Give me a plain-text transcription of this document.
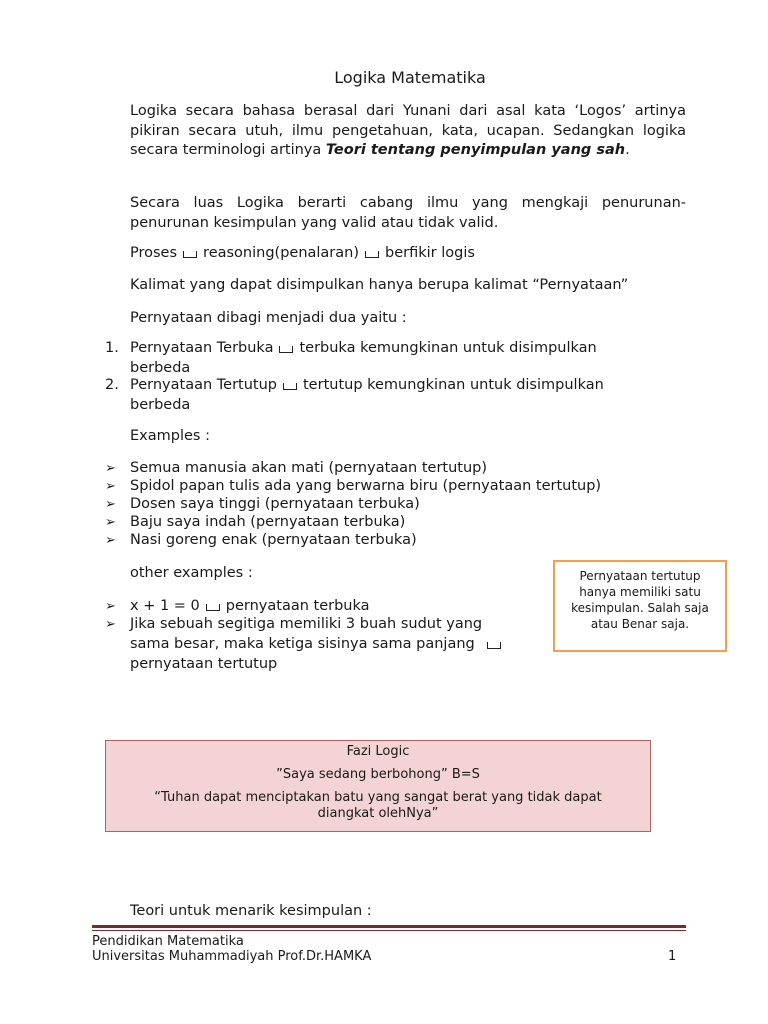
Logika Matematika
Logika secara bahasa berasal dari Yunani dari asal kata ‘Logos’ artinya pikiran secara utuh, ilmu pengetahuan, kata, ucapan. Sedangkan logika secara terminologi artinya Teori tentang penyimpulan yang sah.
Secara luas Logika berarti cabang ilmu yang mengkaji penurunan-penurunan kesimpulan yang valid atau tidak valid.
Proses reasoning(penalaran) berfikir logis
Kalimat yang dapat disimpulkan hanya berupa kalimat “Pernyataan”
Pernyataan dibagi menjadi dua yaitu :
1. Pernyataan Terbuka terbuka kemungkinan untuk disimpulkan
berbeda
2. Pernyataan Tertutup tertutup kemungkinan untuk disimpulkan
berbeda
Examples :
➢ Semua manusia akan mati (pernyataan tertutup)
➢ Spidol papan tulis ada yang berwarna biru (pernyataan tertutup)
➢ Dosen saya tinggi (pernyataan terbuka)
➢ Baju saya indah (pernyataan terbuka)
➢ Nasi goreng enak (pernyataan terbuka)
other examples :
➢ x + 1 = 0 pernyataan terbuka
➢ Jika sebuah segitiga memiliki 3 buah sudut yang
sama besar, maka ketiga sisinya sama panjang
pernyataan tertutup
Pernyataan tertutup
hanya memiliki satu
kesimpulan. Salah saja
atau Benar saja.
Fazi Logic
”Saya sedang berbohong” B=S
“Tuhan dapat menciptakan batu yang sangat berat yang tidak dapat
diangkat olehNya”
Teori untuk menarik kesimpulan :
Pendidikan Matematika
Universitas Muhammadiyah Prof.Dr.HAMKA	1
